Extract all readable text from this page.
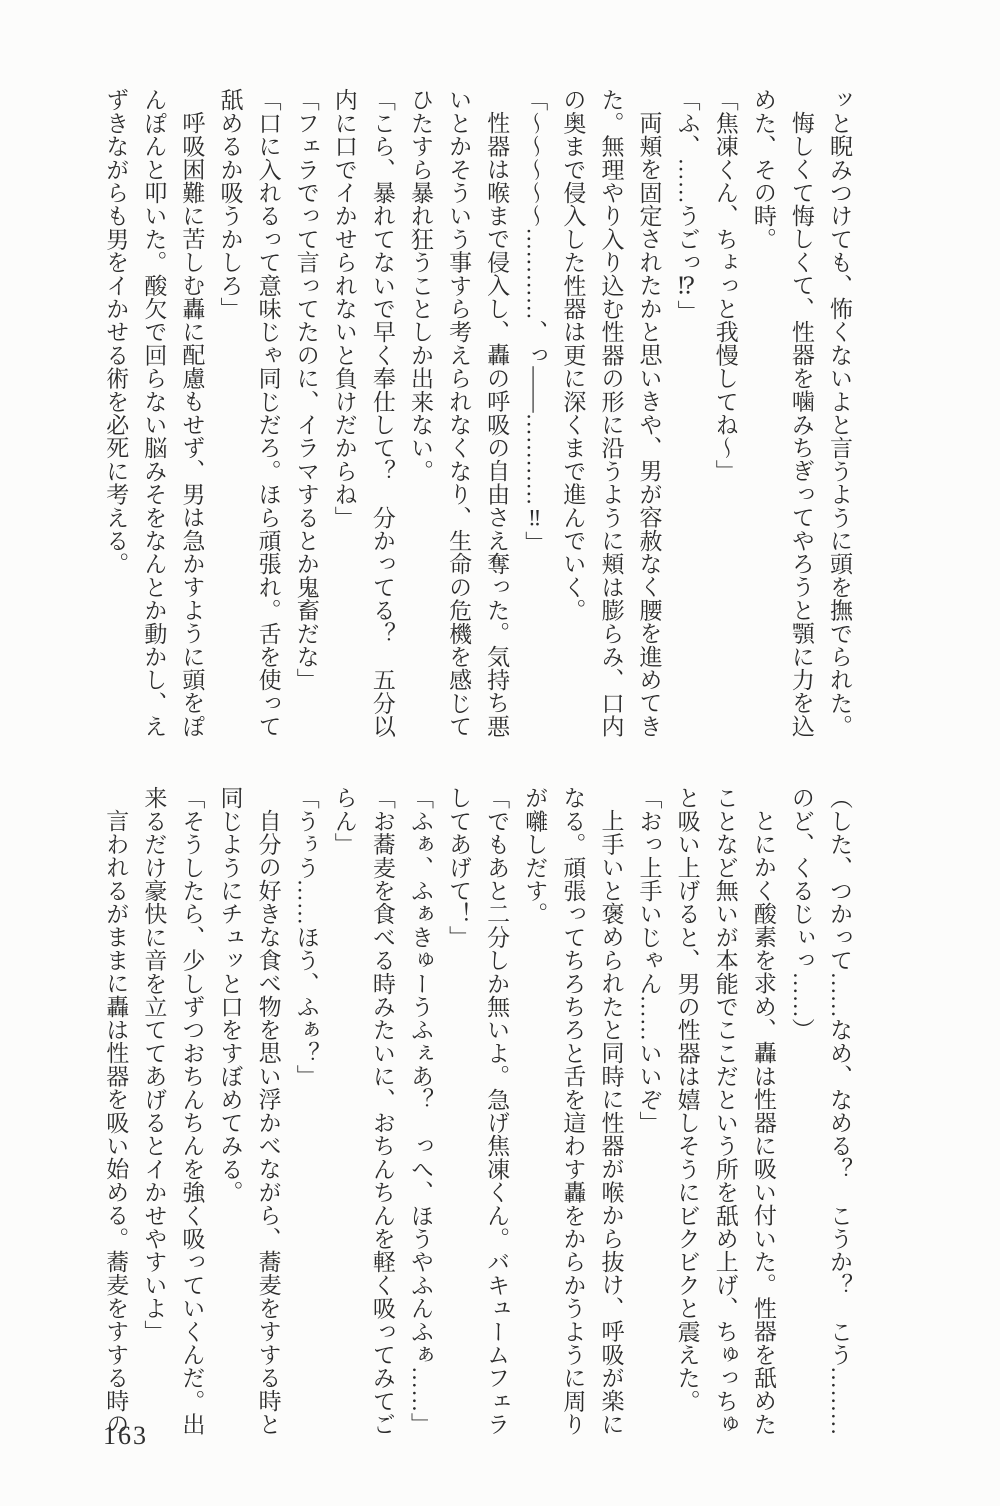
ッと睨みつけても、怖くないよと言うように頭を撫でられた。
悔しくて悔しくて、性器を噛みちぎってやろうと顎に力を込
めた、その時。
「焦凍くん、ちょっと我慢してね〜」
「ふ、……うごっ⁉」
両頬を固定されたかと思いきや、男が容赦なく腰を進めてき
た。無理やり入り込む性器の形に沿うように頬は膨らみ、口内
の奥まで侵入した性器は更に深くまで進んでいく。
「〜〜〜〜〜…………、っ――…………‼」
性器は喉まで侵入し、轟の呼吸の自由さえ奪った。気持ち悪
いとかそういう事すら考えられなくなり、生命の危機を感じて
ひたすら暴れ狂うことしか出来ない。
「こら、暴れてないで早く奉仕して？　分かってる？　五分以
内に口でイかせられないと負けだからね」
「フェラでって言ってたのに、イラマするとか鬼畜だな」
「口に入れるって意味じゃ同じだろ。ほら頑張れ。舌を使って
舐めるか吸うかしろ」
呼吸困難に苦しむ轟に配慮もせず、男は急かすように頭をぽ
んぽんと叩いた。酸欠で回らない脳みそをなんとか動かし、え
ずきながらも男をイかせる術を必死に考える。
（した、つかって……なめ、なめる？　こうか？　こう………
のど、くるじぃっ……）
とにかく酸素を求め、轟は性器に吸い付いた。性器を舐めた
ことなど無いが本能でここだという所を舐め上げ、ちゅっちゅ
と吸い上げると、男の性器は嬉しそうにビクビクと震えた。
「おっ上手いじゃん……いいぞ」
上手いと褒められたと同時に性器が喉から抜け、呼吸が楽に
なる。頑張ってちろちろと舌を這わす轟をからかうように周り
が囃しだす。
「でもあと二分しか無いよ。急げ焦凍くん。バキュームフェラ
してあげて！」
「ふぁ、ふぁきゅーうふぇあ？　っへ、ほうやふんふぁ……」
「お蕎麦を食べる時みたいに、おちんちんを軽く吸ってみてご
らん」
「うぅう……ほう、ふぁ？」
自分の好きな食べ物を思い浮かべながら、蕎麦をすする時と
同じようにチュッと口をすぼめてみる。
「そうしたら、少しずつおちんちんを強く吸っていくんだ。出
来るだけ豪快に音を立ててあげるとイかせやすいよ」
言われるがままに轟は性器を吸い始める。蕎麦をすする時の
163
